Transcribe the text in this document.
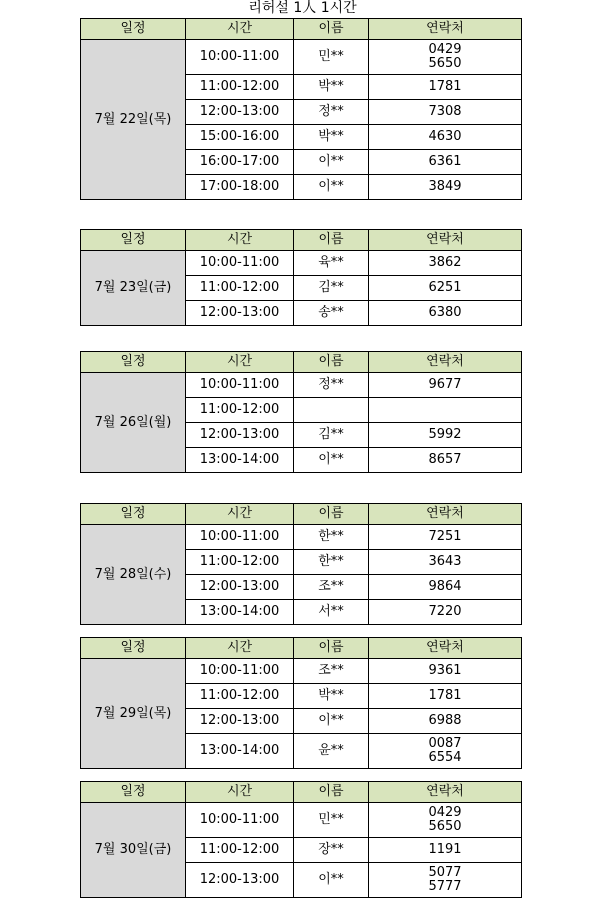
리허설 1人 1시간
일정	시간	이름	연락처
7월 22일(목)	10:00-11:00	민**	0429
5650

	11:00-12:00	박**	1781

	12:00-13:00	정**	7308

	15:00-16:00	박**	4630

	16:00-17:00	이**	6361

	17:00-18:00	이**	3849
일정	시간	이름	연락처
7월 23일(금)	10:00-11:00	육**	3862

	11:00-12:00	김**	6251

	12:00-13:00	송**	6380
일정	시간	이름	연락처
7월 26일(월)	10:00-11:00	정**	9677

	11:00-12:00		
	12:00-13:00	김**	5992

	13:00-14:00	이**	8657
일정	시간	이름	연락처
7월 28일(수)	10:00-11:00	한**	7251

	11:00-12:00	한**	3643

	12:00-13:00	조**	9864

	13:00-14:00	서**	7220
일정	시간	이름	연락처
7월 29일(목)	10:00-11:00	조**	9361

	11:00-12:00	박**	1781

	12:00-13:00	이**	6988

	13:00-14:00	윤**	0087
6554
일정	시간	이름	연락처
7월 30일(금)	10:00-11:00	민**	0429
5650

	11:00-12:00	장**	1191

	12:00-13:00	이**	5077
5777
